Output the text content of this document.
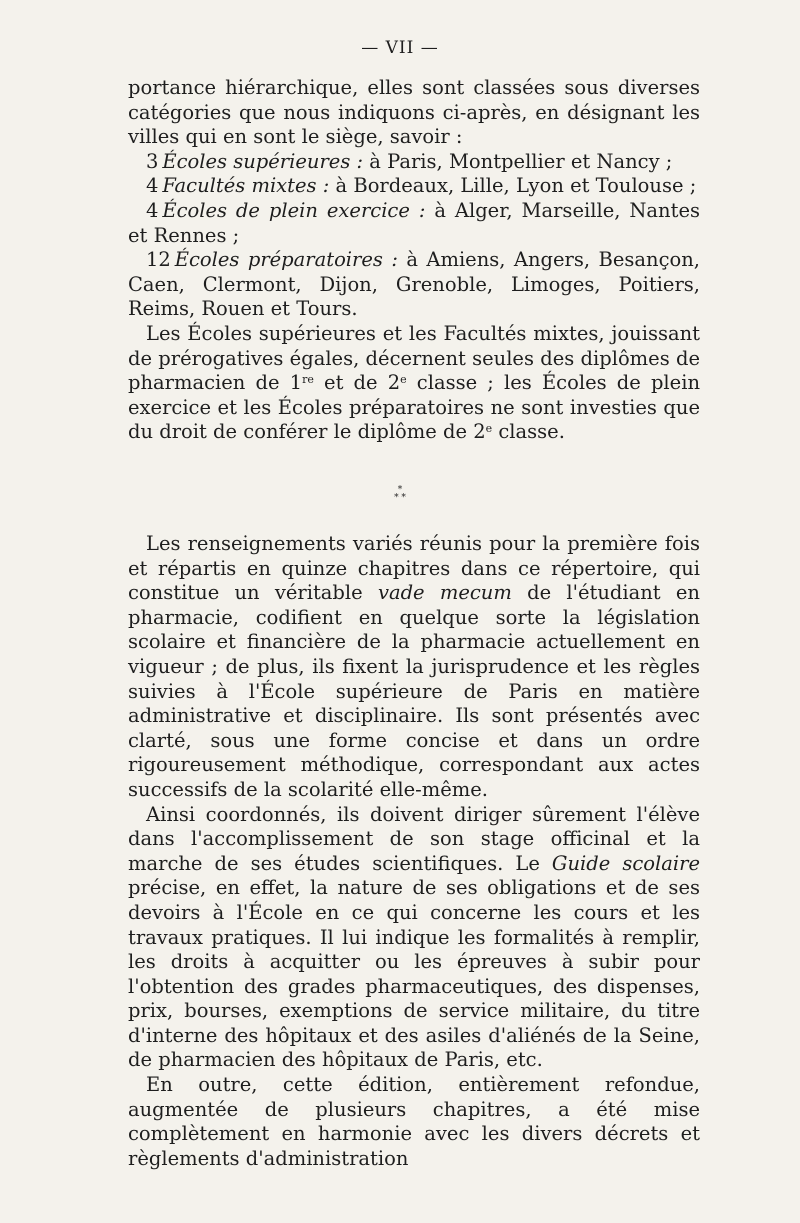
— VII —

portance hiérarchique, elles sont classées sous diverses catégories que nous indiquons ci-après, en désignant les villes qui en sont le siège, savoir :

3  Écoles supérieures : à Paris, Montpellier et Nancy ;

4  Facultés mixtes : à Bordeaux, Lille, Lyon et Toulouse ;

4  Écoles de plein exercice : à Alger, Marseille, Nantes et Rennes ;

12  Écoles préparatoires : à Amiens, Angers, Besançon, Caen, Clermont, Dijon, Grenoble, Limoges, Poitiers, Reims, Rouen et Tours.

Les Écoles supérieures et les Facultés mixtes, jouissant de prérogatives égales, décernent seules des diplômes de pharmacien de 1re et de 2e classe ; les Écoles de plein exercice et les Écoles préparatoires ne sont investies que du droit de conférer le diplôme de 2e classe.

*
* *

Les renseignements variés réunis pour la première fois et répartis en quinze chapitres dans ce répertoire, qui constitue un véritable vade mecum de l'étudiant en pharmacie, codifient en quelque sorte la législation scolaire et financière de la pharmacie actuellement en vigueur ; de plus, ils fixent la jurisprudence et les règles suivies à l'École supérieure de Paris en matière administrative et disciplinaire. Ils sont présentés avec clarté, sous une forme concise et dans un ordre rigoureusement méthodique, correspondant aux actes successifs de la scolarité elle-même.

Ainsi coordonnés, ils doivent diriger sûrement l'élève dans l'accomplissement de son stage officinal et la marche de ses études scientifiques. Le Guide scolaire précise, en effet, la nature de ses obligations et de ses devoirs à l'École en ce qui concerne les cours et les travaux pratiques. Il lui indique les formalités à remplir, les droits à acquitter ou les épreuves à subir pour l'obtention des grades pharmaceutiques, des dispenses, prix, bourses, exemptions de service militaire, du titre d'interne des hôpitaux et des asiles d'aliénés de la Seine, de pharmacien des hôpitaux de Paris, etc.

En outre, cette édition, entièrement refondue, augmentée de plusieurs chapitres, a été mise complètement en harmonie avec les divers décrets et règlements d'administration
